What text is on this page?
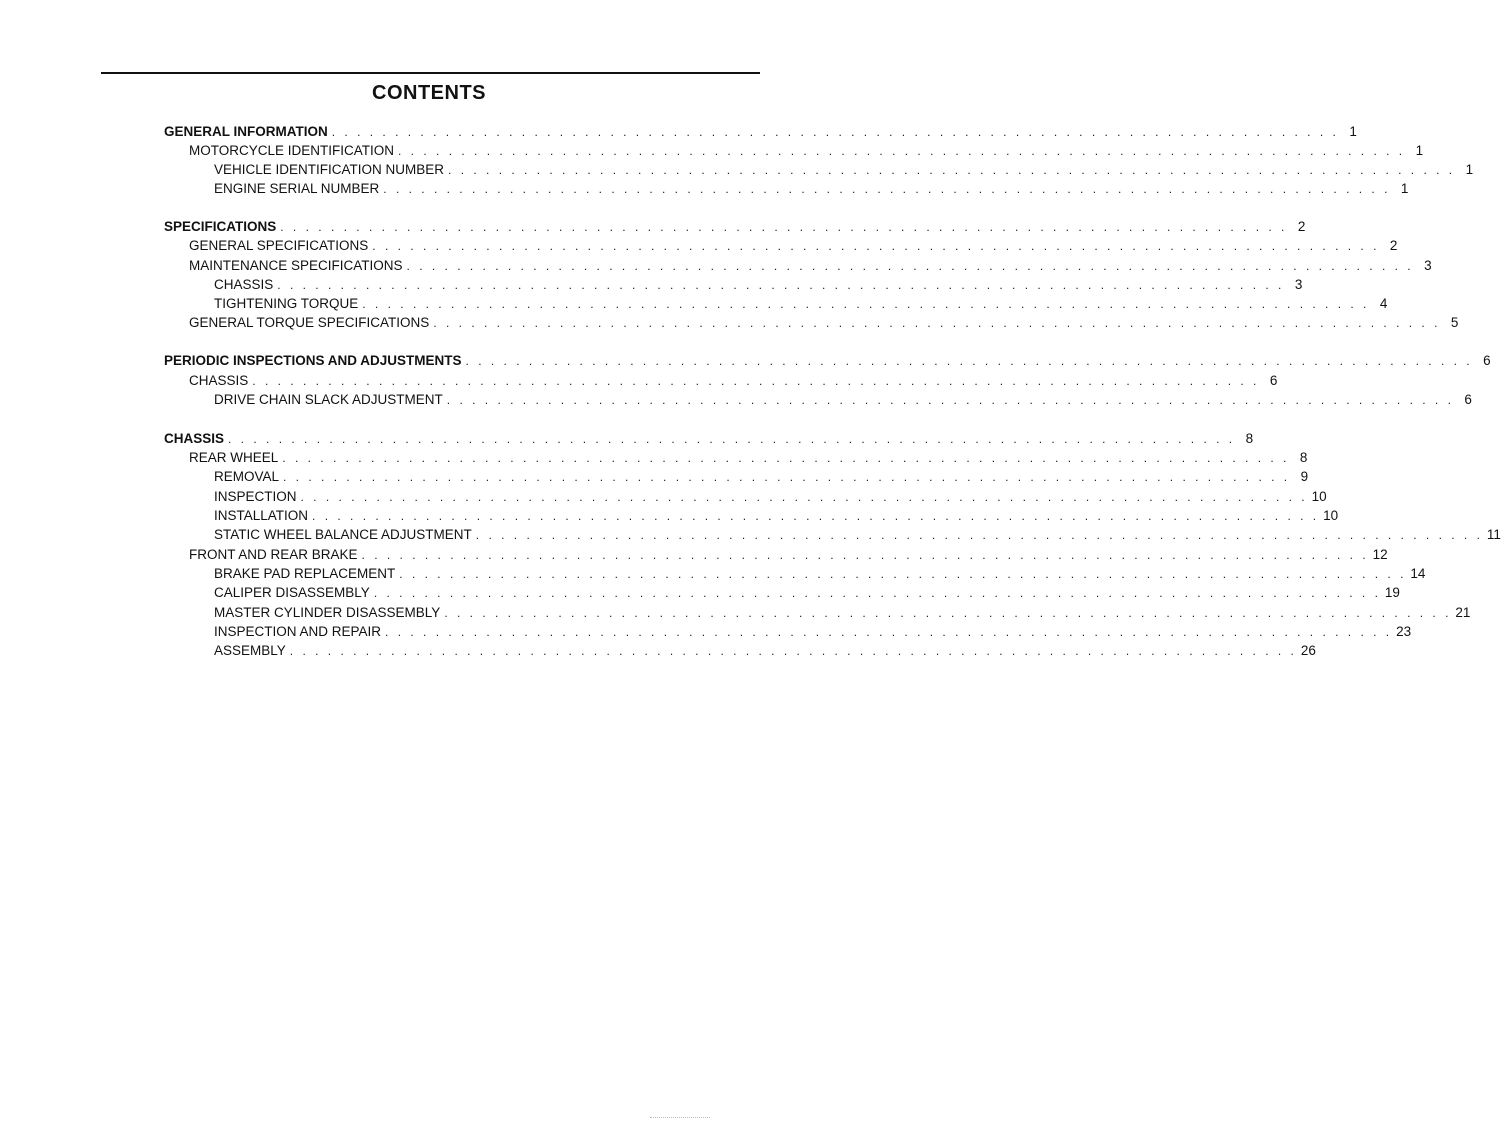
CONTENTS
GENERAL INFORMATION . . . . . . . . . . . . . . . . . . . . . . . . . . . . . . . . . . . . . . . . . . . . . . . . . . . . . . . . . . . . . . . . . . . . . . . . . . . . . . . . 1
MOTORCYCLE IDENTIFICATION . . . . . . . . . . . . . . . . . . . . . . . . . . . . . . . . . . . . . . . . . . . . . . . . . . . . . . . . . . . . . . . . . . . . . . . . . . . . . . . . 1
VEHICLE IDENTIFICATION NUMBER . . . . . . . . . . . . . . . . . . . . . . . . . . . . . . . . . . . . . . . . . . . . . . . . . . . . . . . . . . . . . . . . . . . . . . . . . . . . . . . . 1
ENGINE SERIAL NUMBER . . . . . . . . . . . . . . . . . . . . . . . . . . . . . . . . . . . . . . . . . . . . . . . . . . . . . . . . . . . . . . . . . . . . . . . . . . . . . . . . 1
SPECIFICATIONS . . . . . . . . . . . . . . . . . . . . . . . . . . . . . . . . . . . . . . . . . . . . . . . . . . . . . . . . . . . . . . . . . . . . . . . . . . . . . . . . 2
GENERAL SPECIFICATIONS . . . . . . . . . . . . . . . . . . . . . . . . . . . . . . . . . . . . . . . . . . . . . . . . . . . . . . . . . . . . . . . . . . . . . . . . . . . . . . . . 2
MAINTENANCE SPECIFICATIONS . . . . . . . . . . . . . . . . . . . . . . . . . . . . . . . . . . . . . . . . . . . . . . . . . . . . . . . . . . . . . . . . . . . . . . . . . . . . . . . . 3
CHASSIS . . . . . . . . . . . . . . . . . . . . . . . . . . . . . . . . . . . . . . . . . . . . . . . . . . . . . . . . . . . . . . . . . . . . . . . . . . . . . . . . 3
TIGHTENING TORQUE . . . . . . . . . . . . . . . . . . . . . . . . . . . . . . . . . . . . . . . . . . . . . . . . . . . . . . . . . . . . . . . . . . . . . . . . . . . . . . . . 4
GENERAL TORQUE SPECIFICATIONS . . . . . . . . . . . . . . . . . . . . . . . . . . . . . . . . . . . . . . . . . . . . . . . . . . . . . . . . . . . . . . . . . . . . . . . . . . . . . . . . 5
PERIODIC INSPECTIONS AND ADJUSTMENTS . . . . . . . . . . . . . . . . . . . . . . . . . . . . . . . . . . . . . . . . . . . . . . . . . . . . . . . . . . . . . . . . . . . . . . . . . . . . . . . . 6
CHASSIS . . . . . . . . . . . . . . . . . . . . . . . . . . . . . . . . . . . . . . . . . . . . . . . . . . . . . . . . . . . . . . . . . . . . . . . . . . . . . . . . 6
DRIVE CHAIN SLACK ADJUSTMENT . . . . . . . . . . . . . . . . . . . . . . . . . . . . . . . . . . . . . . . . . . . . . . . . . . . . . . . . . . . . . . . . . . . . . . . . . . . . . . . . 6
CHASSIS . . . . . . . . . . . . . . . . . . . . . . . . . . . . . . . . . . . . . . . . . . . . . . . . . . . . . . . . . . . . . . . . . . . . . . . . . . . . . . . . 8
REAR WHEEL . . . . . . . . . . . . . . . . . . . . . . . . . . . . . . . . . . . . . . . . . . . . . . . . . . . . . . . . . . . . . . . . . . . . . . . . . . . . . . . . 8
REMOVAL . . . . . . . . . . . . . . . . . . . . . . . . . . . . . . . . . . . . . . . . . . . . . . . . . . . . . . . . . . . . . . . . . . . . . . . . . . . . . . . . 9
INSPECTION . . . . . . . . . . . . . . . . . . . . . . . . . . . . . . . . . . . . . . . . . . . . . . . . . . . . . . . . . . . . . . . . . . . . . . . . . . . . . . . . 10
INSTALLATION . . . . . . . . . . . . . . . . . . . . . . . . . . . . . . . . . . . . . . . . . . . . . . . . . . . . . . . . . . . . . . . . . . . . . . . . . . . . . . . . 10
STATIC WHEEL BALANCE ADJUSTMENT . . . . . . . . . . . . . . . . . . . . . . . . . . . . . . . . . . . . . . . . . . . . . . . . . . . . . . . . . . . . . . . . . . . . . . . . . . . . . . . . 11
FRONT AND REAR BRAKE . . . . . . . . . . . . . . . . . . . . . . . . . . . . . . . . . . . . . . . . . . . . . . . . . . . . . . . . . . . . . . . . . . . . . . . . . . . . . . . . 12
BRAKE PAD REPLACEMENT . . . . . . . . . . . . . . . . . . . . . . . . . . . . . . . . . . . . . . . . . . . . . . . . . . . . . . . . . . . . . . . . . . . . . . . . . . . . . . . . 14
CALIPER DISASSEMBLY . . . . . . . . . . . . . . . . . . . . . . . . . . . . . . . . . . . . . . . . . . . . . . . . . . . . . . . . . . . . . . . . . . . . . . . . . . . . . . . . 19
MASTER CYLINDER DISASSEMBLY . . . . . . . . . . . . . . . . . . . . . . . . . . . . . . . . . . . . . . . . . . . . . . . . . . . . . . . . . . . . . . . . . . . . . . . . . . . . . . . . 21
INSPECTION AND REPAIR . . . . . . . . . . . . . . . . . . . . . . . . . . . . . . . . . . . . . . . . . . . . . . . . . . . . . . . . . . . . . . . . . . . . . . . . . . . . . . . . 23
ASSEMBLY . . . . . . . . . . . . . . . . . . . . . . . . . . . . . . . . . . . . . . . . . . . . . . . . . . . . . . . . . . . . . . . . . . . . . . . . . . . . . . . . 26
